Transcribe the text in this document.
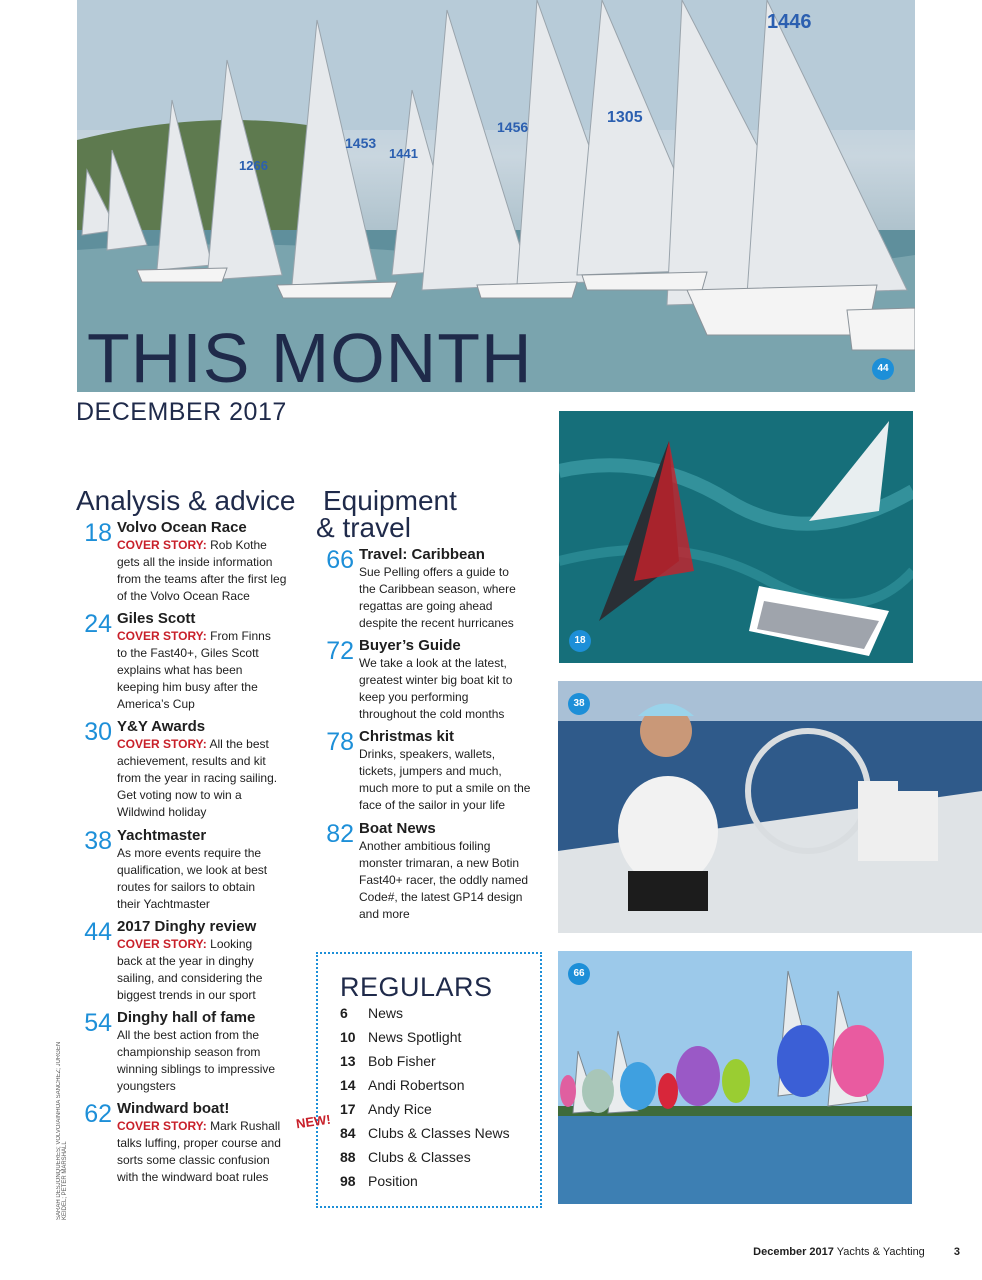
1446
1305
1456
1453
1441
1266
THIS MONTH	44
DECEMBER 2017
Analysis & advice
18 Volvo Ocean Race
COVER STORY: Rob Kothe gets all the inside information from the teams after the first leg of the Volvo Ocean Race
24 Giles Scott
COVER STORY: From Finns to the Fast40+, Giles Scott explains what has been keeping him busy after the America’s Cup
30 Y&Y Awards
COVER STORY: All the best achievement, results and kit from the year in racing sailing. Get voting now to win a Wildwind holiday
38 Yachtmaster
As more events require the qualification, we look at best routes for sailors to obtain their Yachtmaster
44 2017 Dinghy review
COVER STORY: Looking back at the year in dinghy sailing, and considering the biggest trends in our sport
54 Dinghy hall of fame
All the best action from the championship season from winning siblings to impressive youngsters
62 Windward boat!
COVER STORY: Mark Rushall talks luffing, proper course and sorts some classic confusion with the windward boat rules
SARAH DESJONQUERES; VOLVO/AINHOA SANCHEZ; JURGEN KEIDEL; PETER MARSHALL
Equipment
& travel
66 Travel: Caribbean
Sue Pelling offers a guide to the Caribbean season, where regattas are going ahead despite the recent hurricanes
72 Buyer’s Guide
We take a look at the latest, greatest winter big boat kit to keep you performing throughout the cold months
78 Christmas kit
Drinks, speakers, wallets, tickets, jumpers and much, much more to put a smile on the face of the sailor in your life
82 Boat News
Another ambitious foiling monster trimaran, a new Botin Fast40+ racer, the oddly named Code#, the latest GP14 design and more
REGULARS
6 News
10 News Spotlight
13 Bob Fisher
14 Andi Robertson
17 Andy Rice
84 Clubs & Classes News
88 Clubs & Classes
98 Position
NEW!
18
38
66
December 2017 Yachts & Yachting	3
